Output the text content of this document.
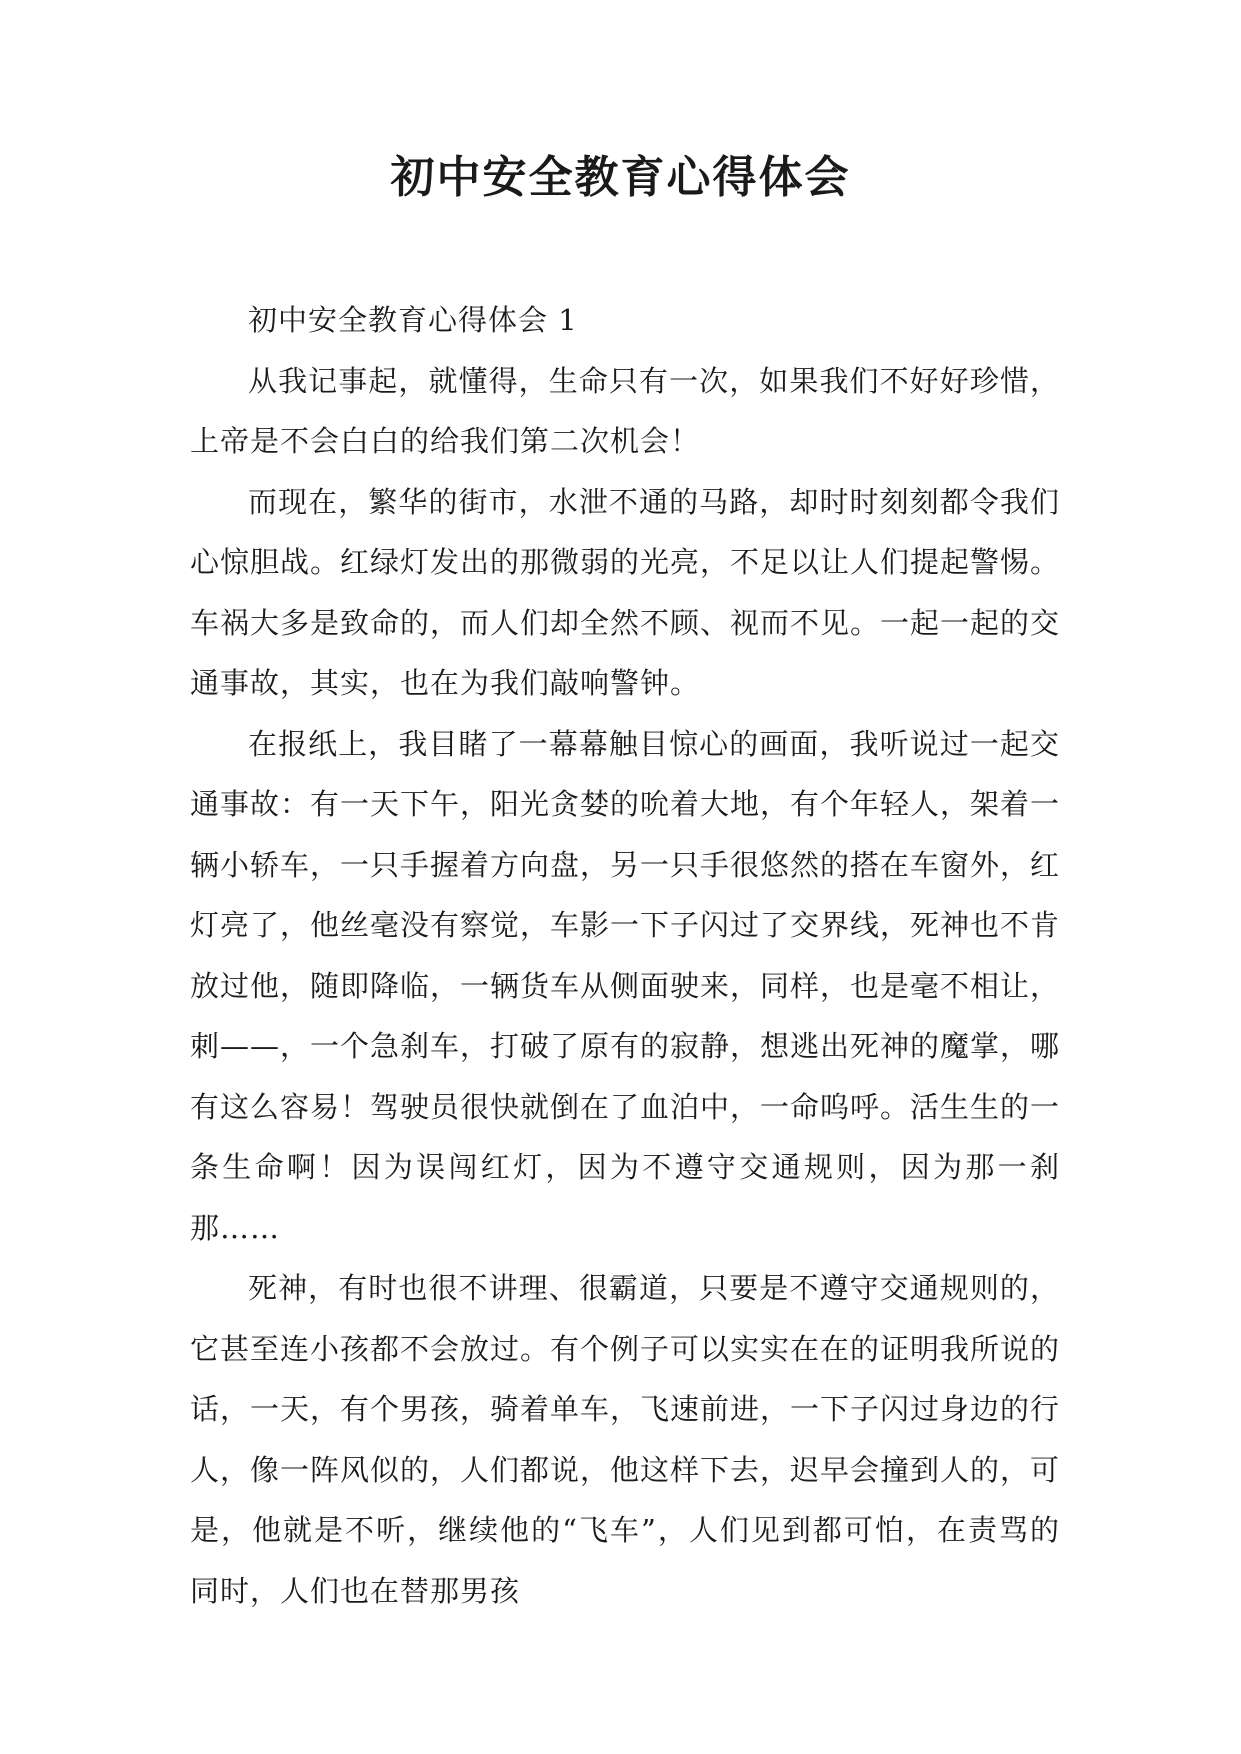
初中安全教育心得体会

初中安全教育心得体会 1

从我记事起，就懂得，生命只有一次，如果我们不好好珍惜，上帝是不会白白的给我们第二次机会！

而现在，繁华的街市，水泄不通的马路，却时时刻刻都令我们心惊胆战。红绿灯发出的那微弱的光亮，不足以让人们提起警惕。车祸大多是致命的，而人们却全然不顾、视而不见。一起一起的交通事故，其实，也在为我们敲响警钟。

在报纸上，我目睹了一幕幕触目惊心的画面，我听说过一起交通事故：有一天下午，阳光贪婪的吮着大地，有个年轻人，架着一辆小轿车，一只手握着方向盘，另一只手很悠然的搭在车窗外，红灯亮了，他丝毫没有察觉，车影一下子闪过了交界线，死神也不肯放过他，随即降临，一辆货车从侧面驶来，同样，也是毫不相让，刺——，一个急刹车，打破了原有的寂静，想逃出死神的魔掌，哪有这么容易！驾驶员很快就倒在了血泊中，一命呜呼。活生生的一条生命啊！因为误闯红灯，因为不遵守交通规则，因为那一刹那……

死神，有时也很不讲理、很霸道，只要是不遵守交通规则的，它甚至连小孩都不会放过。有个例子可以实实在在的证明我所说的话，一天，有个男孩，骑着单车，飞速前进，一下子闪过身边的行人，像一阵风似的，人们都说，他这样下去，迟早会撞到人的，可是，他就是不听，继续他的“飞车”，人们见到都可怕，在责骂的同时，人们也在替那男孩
